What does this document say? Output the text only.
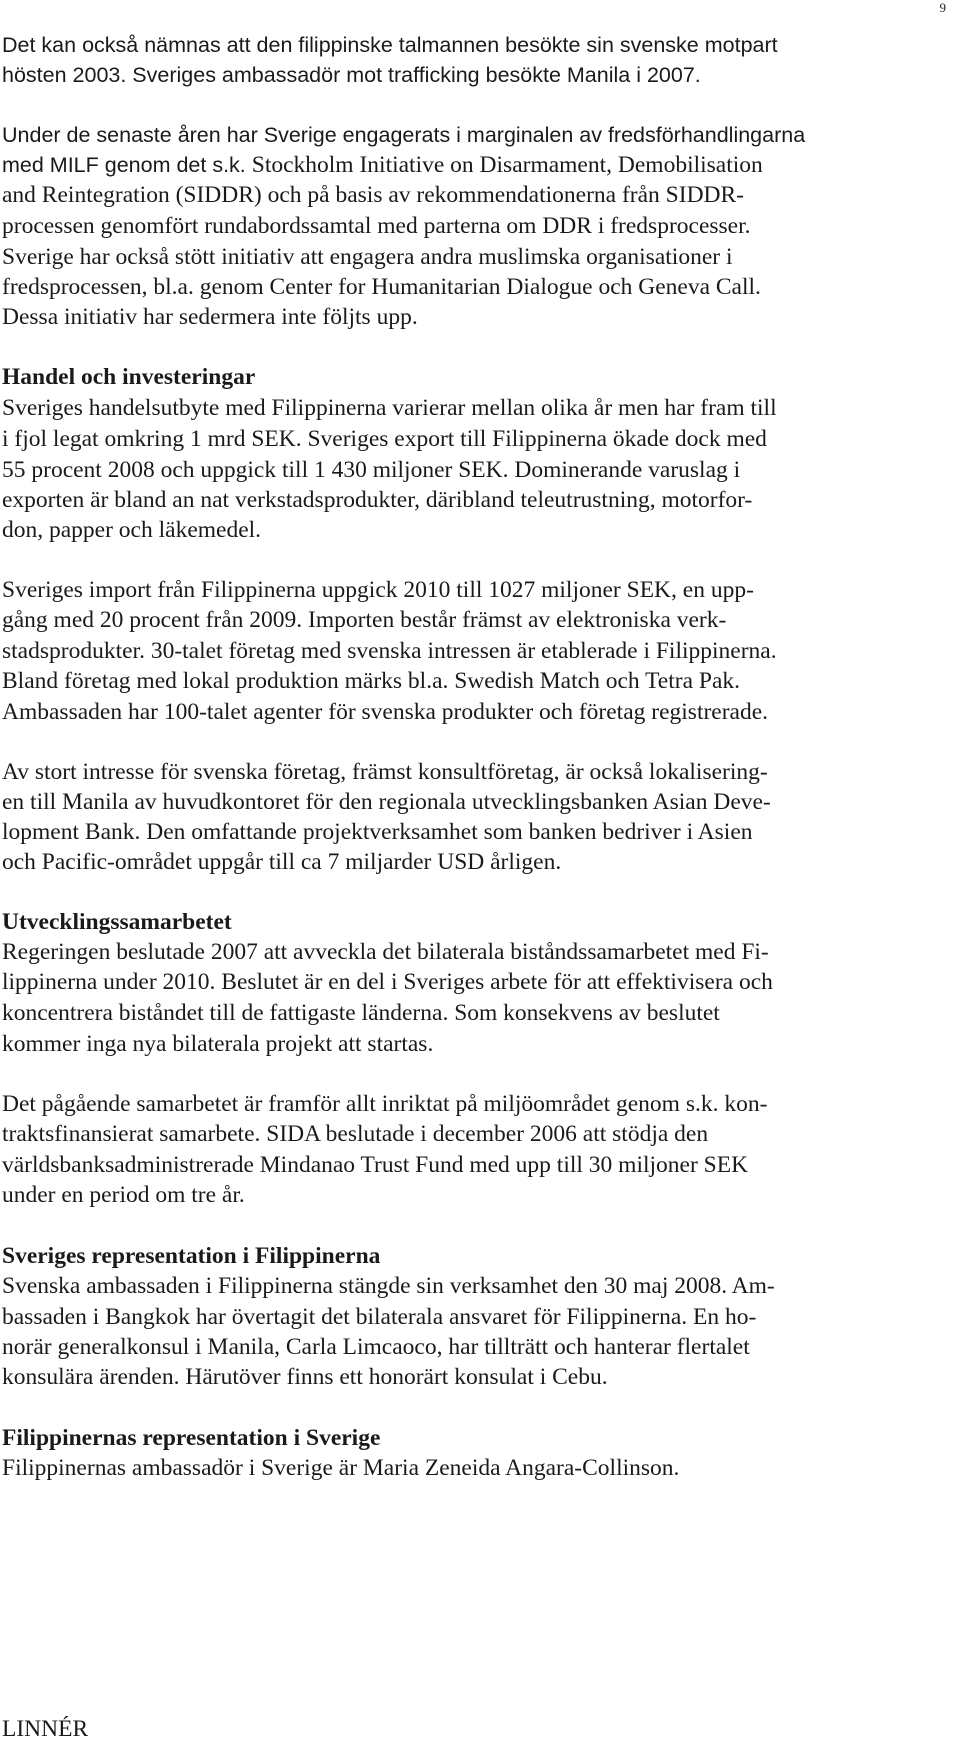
9
Det kan också nämnas att den filippinske talmannen besökte sin svenske motpart
hösten 2003. Sveriges ambassadör mot trafficking besökte Manila i 2007.
Under de senaste åren har Sverige engagerats i marginalen av fredsförhandlingarna
med MILF genom det s.k. Stockholm Initiative on Disarmament, Demobilisation
and Reintegration (SIDDR) och på basis av rekommendationerna från SIDDR-
processen genomfört rundabordssamtal med parterna om DDR i fredsprocesser.
Sverige har också stött initiativ att engagera andra muslimska organisationer i
fredsprocessen, bl.a. genom Center for Humanitarian Dialogue och Geneva Call.
Dessa initiativ har sedermera inte följts upp.
Handel och investeringar
Sveriges handelsutbyte med Filippinerna varierar mellan olika år men har fram till
i fjol legat omkring 1 mrd SEK. Sveriges export till Filippinerna ökade dock med
55 procent 2008 och uppgick till 1 430 miljoner SEK. Dominerande varuslag i
exporten är bland an nat verkstadsprodukter, däribland teleutrustning, motorfor-
don, papper och läkemedel.
Sveriges import från Filippinerna uppgick 2010 till 1027 miljoner SEK, en upp-
gång med 20 procent från 2009. Importen består främst av elektroniska verk-
stadsprodukter. 30-talet företag med svenska intressen är etablerade i Filippinerna.
Bland företag med lokal produktion märks bl.a. Swedish Match och Tetra Pak.
Ambassaden har 100-talet agenter för svenska produkter och företag registrerade.
Av stort intresse för svenska företag, främst konsultföretag, är också lokalisering-
en till Manila av huvudkontoret för den regionala utvecklingsbanken Asian Deve-
lopment Bank. Den omfattande projektverksamhet som banken bedriver i Asien
och Pacific-området uppgår till ca 7 miljarder USD årligen.
Utvecklingssamarbetet
Regeringen beslutade 2007 att avveckla det bilaterala biståndssamarbetet med Fi-
lippinerna under 2010. Beslutet är en del i Sveriges arbete för att effektivisera och
koncentrera biståndet till de fattigaste länderna. Som konsekvens av beslutet
kommer inga nya bilaterala projekt att startas.
Det pågående samarbetet är framför allt inriktat på miljöområdet genom s.k. kon-
traktsfinansierat samarbete. SIDA beslutade i december 2006 att stödja den
världsbanksadministrerade Mindanao Trust Fund med upp till 30 miljoner SEK
under en period om tre år.
Sveriges representation i Filippinerna
Svenska ambassaden i Filippinerna stängde sin verksamhet den 30 maj 2008. Am-
bassaden i Bangkok har övertagit det bilaterala ansvaret för Filippinerna. En ho-
norär generalkonsul i Manila, Carla Limcaoco, har tillträtt och hanterar flertalet
konsulära ärenden. Härutöver finns ett honorärt konsulat i Cebu.
Filippinernas representation i Sverige
Filippinernas ambassadör i Sverige är Maria Zeneida Angara-Collinson.
LINNÉR
